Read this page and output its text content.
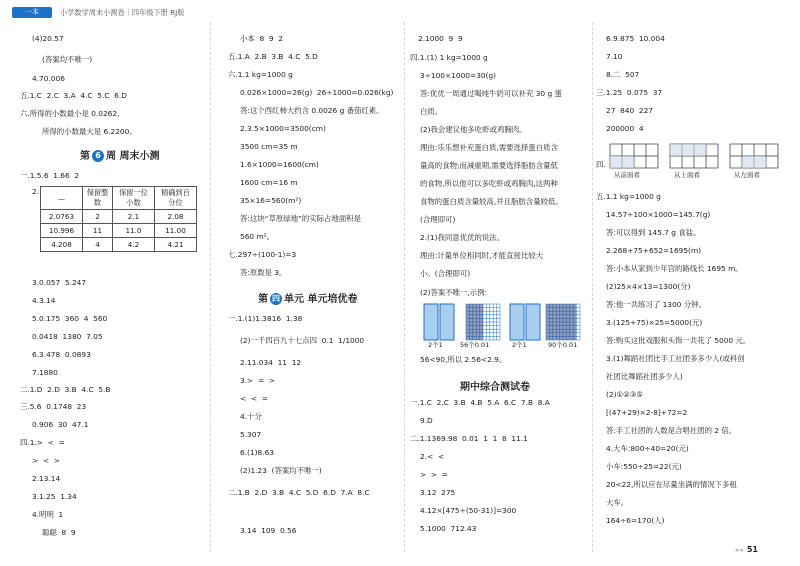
一本	小学数学周末小测卷｜四年级下册 RJ版
(4)20.57
(答案均不唯一)
4.70.006
五.1.C  2.C  3.A  4.C  5.C  6.D
六.所得的小数最小是 0.0262,
所得的小数最大是 6.2200。
第 6 周 周末小测
一.1.5.6  1.66  2
2.
—	保留整数	保留一位小数	精确到百分位
2.0763	2	2.1	2.08
10.996	11	11.0	11.00
4.208	4	4.2	4.21
3.0.057  5.247
4.3.14
5.0.175  360  4  560
0.0418  1380  7.05
6.3.478  0.0893
7.1880
二.1.D  2.D  3.B  4.C  5.B
三.5.6  0.1748  23
0.906  30  47.1
四.1.>  <  =
>  <  >
2.13.14
3.1.25  1.34
4.明明  1
聪聪  8  9
小本  8  9  2
五.1.A  2.B  3.B  4.C  5.D
六.1.1 kg=1000 g
0.026×1000=26(g)  26÷1000=0.026(kg)
答:这个西红柿大约含 0.0026 g 番茄红素。
2.3.5×1000=3500(cm)
3500 cm=35 m
1.6×1000=1600(cm)
1600 cm=16 m
35×16=560(m²)
答:这块“草原绿地”的实际占地面积是
560 m²。
七.297÷(100-1)=3
答:原数是 3。
第 四 单元 单元培优卷
一.1.(1)1.3816  1.38
(2)一千四百九十七点四  0.1  1/1000
2.11.034  11  12
3.>  =  >
<  <  =
4.十分
5.307
6.(1)8.63
(2)1.23  (答案均不唯一)
二.1.B  2.D  3.B  4.C  5.D  6.D  7.A  8.C
3.14  109  0.56
2.1000  9  9
四.1.(1) 1 kg=1000 g
3÷100×1000=30(g)
答:优优一周通过喝纯牛奶可以补充 30 g 蛋
白质。
(2)我会建议他多吃虾或鸡胸肉。
理由:乐乐想补充蛋白质,需要选择蛋白质含
量高的食物;而减重期,需要选择脂肪含量低
的食物,所以他可以多吃虾或鸡胸肉,这两种
食物的蛋白质含量较高,并且脂肪含量较低。
(合理即可)
2.(1)我同意优优的说法。
理由:计量单位相同时,才能直接比较大
小。(合理即可)
(2)答案不唯一,示例:
2个1	56个0.01	2个1	90个0.01
56<90,所以 2.56<2.9。
期中综合测试卷
一.1.C  2.C  3.B  4.B  5.A  6.C  7.B  8.A
9.D
二.1.1369.98  0.01  1  1  8  11.1
2.<  <
>  >  =
3.12  275
4.12×[475÷(50-31)]=300
5.1000  712.43
6.9.875  10.004
7.10
8.二  507
三.1.25  0.075  37
27  840  227
200000  4
四.
从前面看	从上面看	从左面看
五.1.1 kg=1000 g
14.57÷100×1000=145.7(g)
答:可以得到 145.7 g 食盐。
2.268+75+652=1695(m)
答:小本从家到少年宫的路线长 1695 m。
(2)25×4×13=1300(分)
答:他一共练习了 1300 分钟。
3.(125+75)×25=5000(元)
答:购买这批戏服和头饰一共花了 5000 元。
3.(1)舞蹈社团比手工社团多多少人(或科创
社团比舞蹈社团多少人)
(2)①②③⑤
[(47+29)×2-8]+72=2
答:手工社团的人数是合唱社团的 2 倍。
4.大车:800÷40=20(元)
小车:550÷25=22(元)
20<22,所以应在尽量坐满的情况下多租
大车。
164÷6=170(人)
◂ ▸ 51
